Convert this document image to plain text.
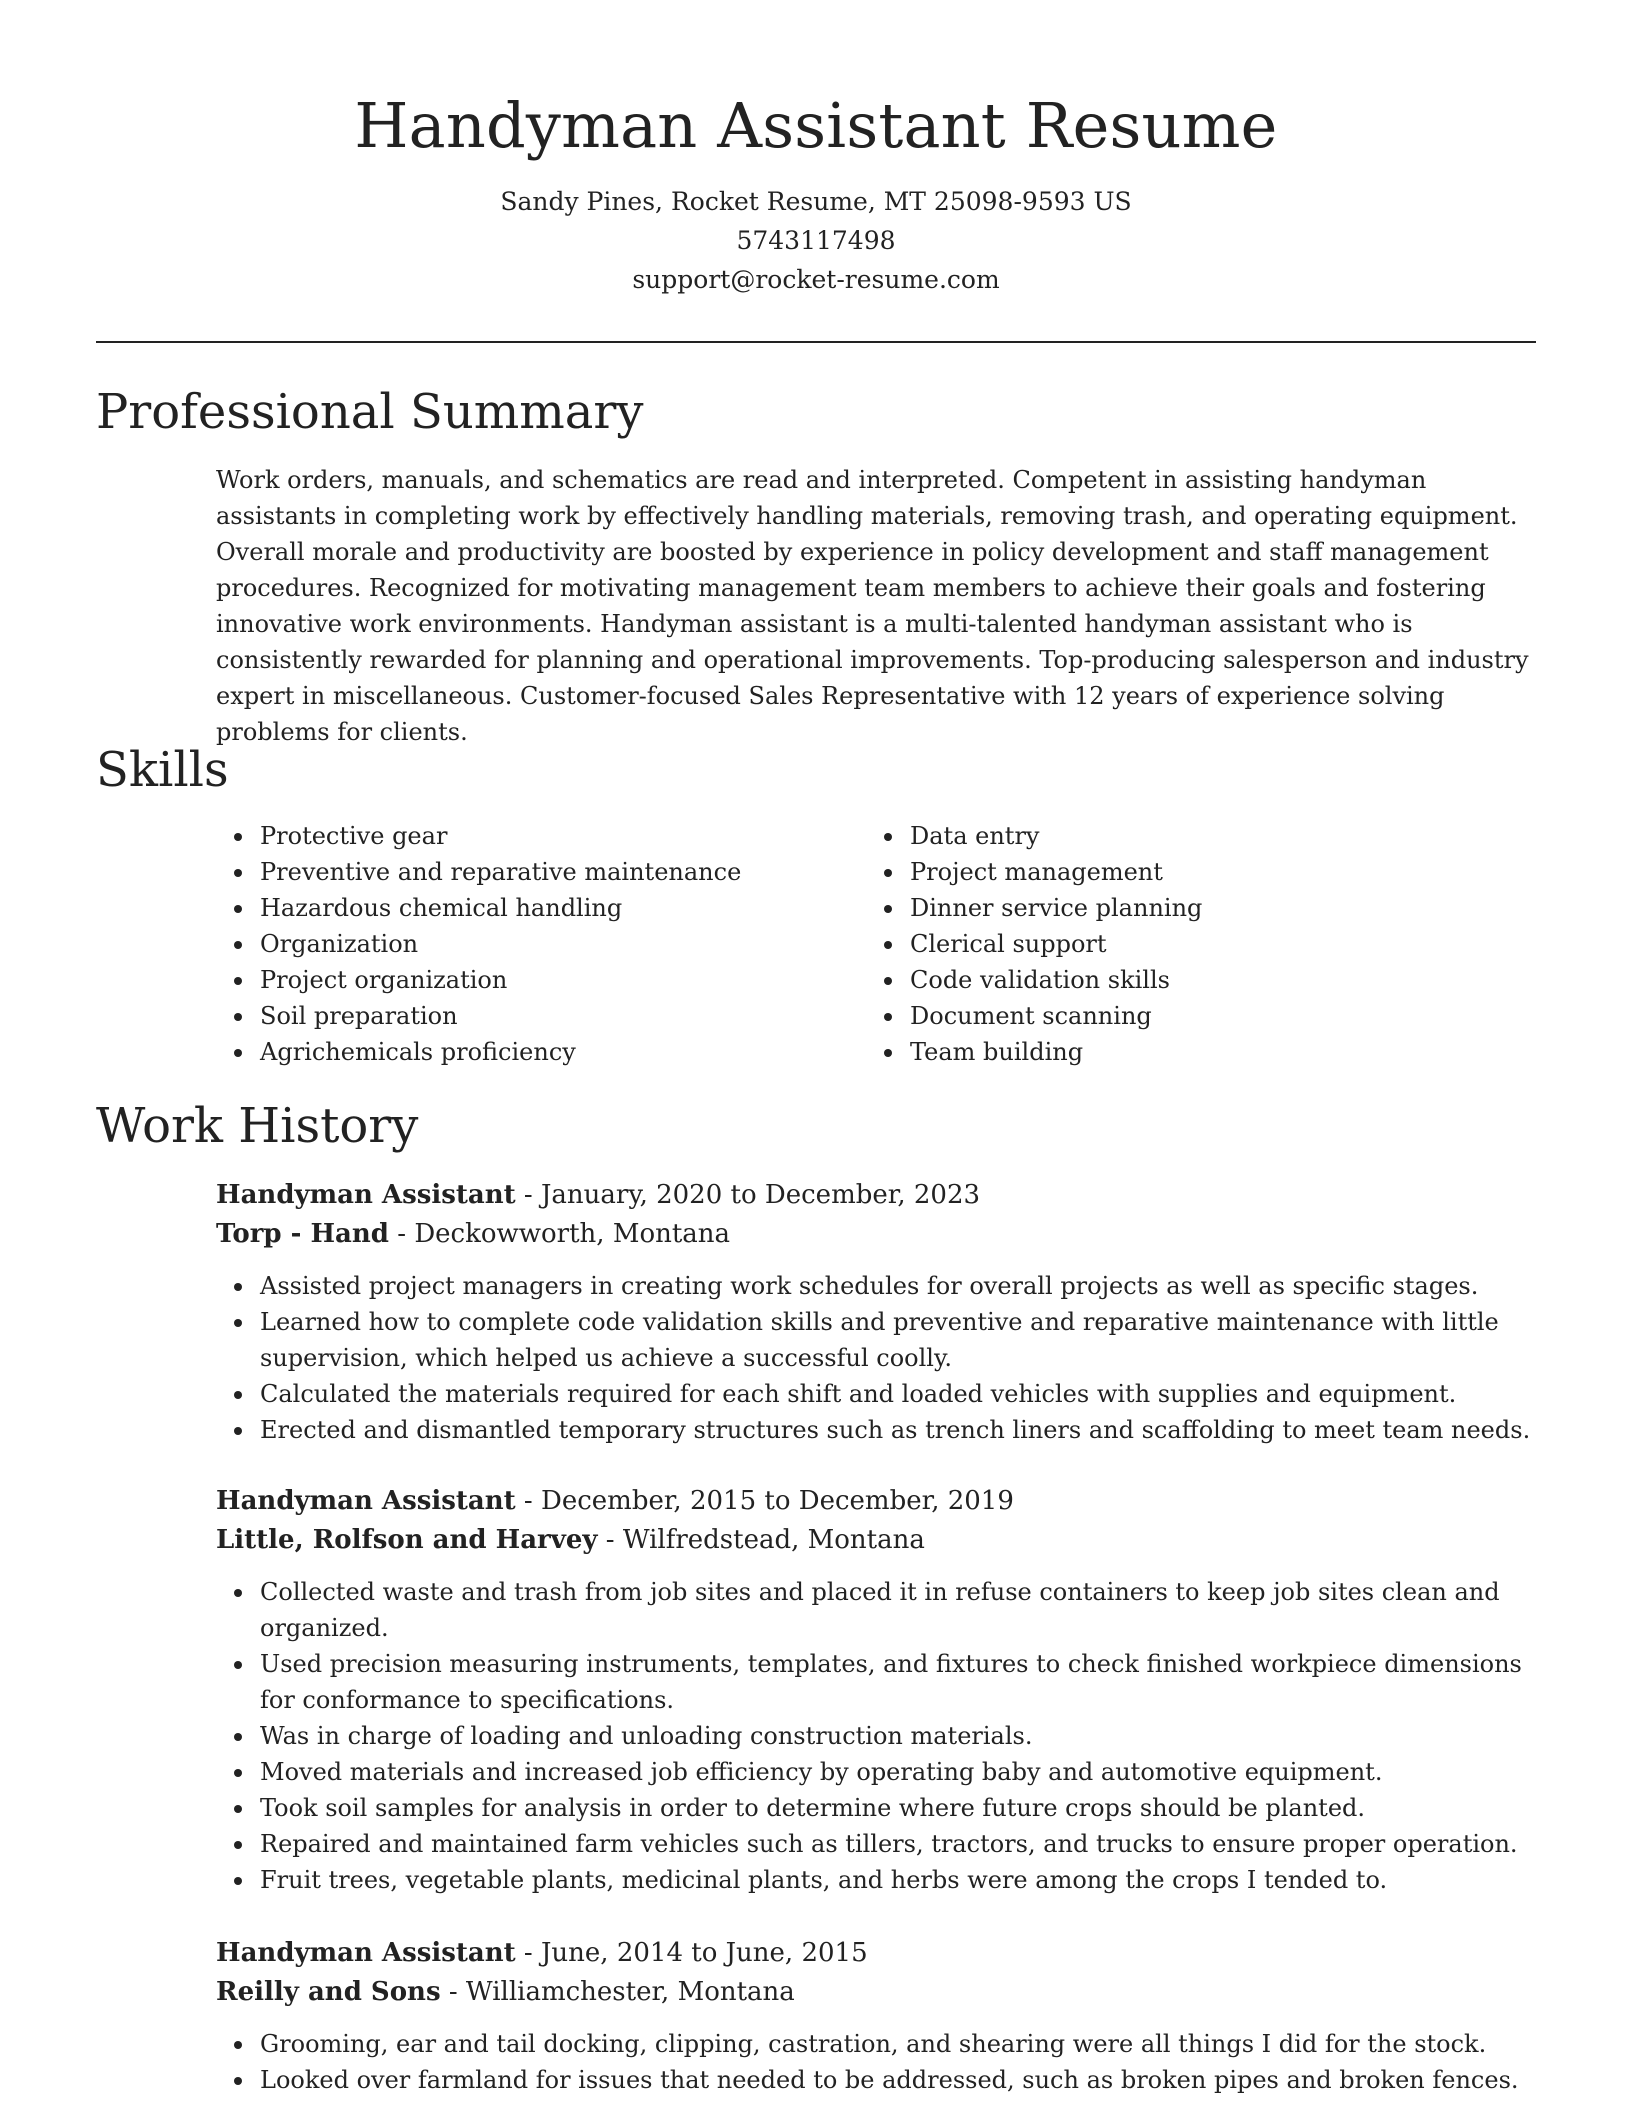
Handyman Assistant Resume
Sandy Pines, Rocket Resume, MT 25098-9593 US
5743117498
support@rocket-resume.com
Professional Summary

Work orders, manuals, and schematics are read and interpreted. Competent in assisting handyman assistants in completing work by effectively handling materials, removing trash, and operating equipment. Overall morale and productivity are boosted by experience in policy development and staff management procedures. Recognized for motivating management team members to achieve their goals and fostering innovative work environments. Handyman assistant is a multi-talented handyman assistant who is consistently rewarded for planning and operational improvements. Top-producing salesperson and industry expert in miscellaneous. Customer-focused Sales Representative with 12 years of experience solving problems for clients.

Skills
Protective gear
Preventive and reparative maintenance
Hazardous chemical handling
Organization
Project organization
Soil preparation
Agrichemicals proficiency
Data entry
Project management
Dinner service planning
Clerical support
Code validation skills
Document scanning
Team building
Work History

Handyman Assistant - January, 2020 to December, 2023

Torp - Hand - Deckowworth, Montana

Assisted project managers in creating work schedules for overall projects as well as specific stages.
Learned how to complete code validation skills and preventive and reparative maintenance with little supervision, which helped us achieve a successful coolly.
Calculated the materials required for each shift and loaded vehicles with supplies and equipment.
Erected and dismantled temporary structures such as trench liners and scaffolding to meet team needs.

Handyman Assistant - December, 2015 to December, 2019

Little, Rolfson and Harvey - Wilfredstead, Montana

Collected waste and trash from job sites and placed it in refuse containers to keep job sites clean and organized.
Used precision measuring instruments, templates, and fixtures to check finished workpiece dimensions for conformance to specifications.
Was in charge of loading and unloading construction materials.
Moved materials and increased job efficiency by operating baby and automotive equipment.
Took soil samples for analysis in order to determine where future crops should be planted.
Repaired and maintained farm vehicles such as tillers, tractors, and trucks to ensure proper operation.
Fruit trees, vegetable plants, medicinal plants, and herbs were among the crops I tended to.

Handyman Assistant - June, 2014 to June, 2015

Reilly and Sons - Williamchester, Montana

Grooming, ear and tail docking, clipping, castration, and shearing were all things I did for the stock.
Looked over farmland for issues that needed to be addressed, such as broken pipes and broken fences.
